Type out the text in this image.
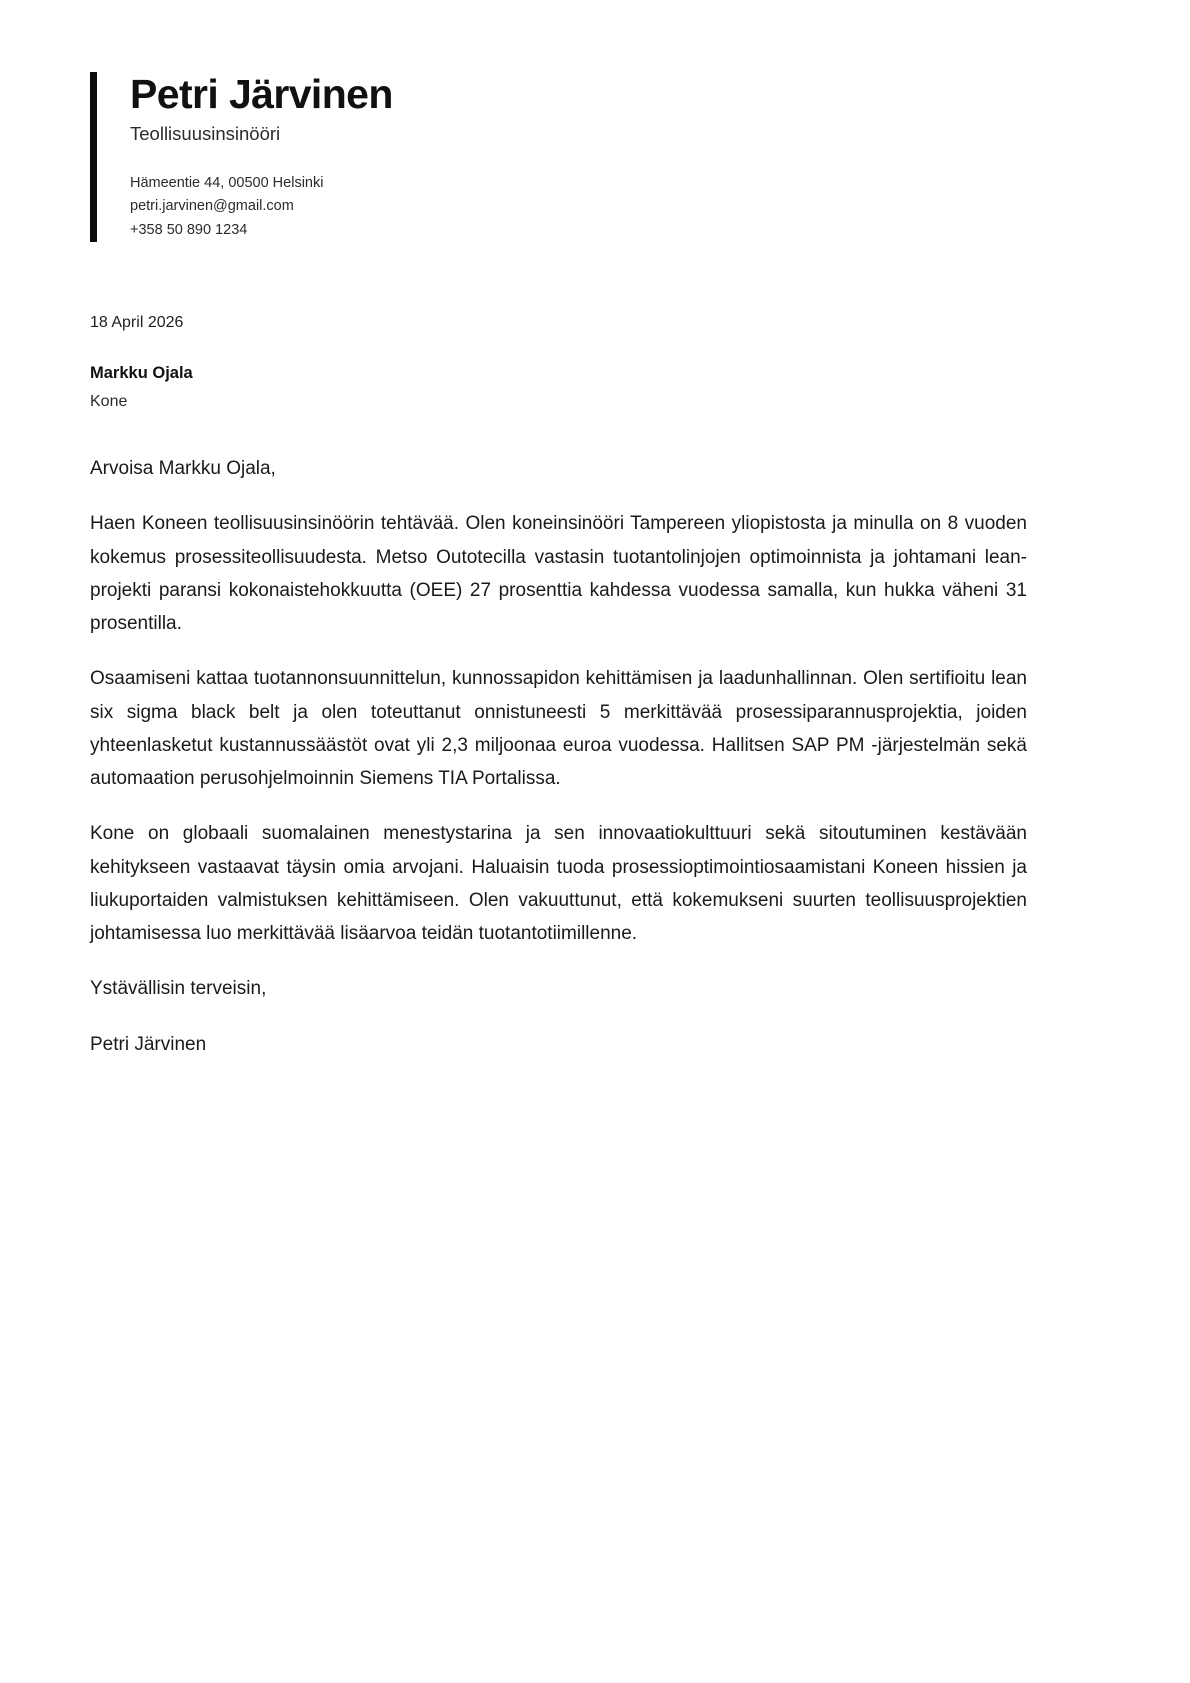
Petri Järvinen
Teollisuusinsinööri
Hämeentie 44, 00500 Helsinki
petri.jarvinen@gmail.com
+358 50 890 1234
18 April 2026
Markku Ojala
Kone

Arvoisa Markku Ojala,

Haen Koneen teollisuusinsinöörin tehtävää. Olen koneinsinööri Tampereen yliopistosta ja minulla on 8 vuoden kokemus prosessiteollisuudesta. Metso Outotecilla vastasin tuotantolinjojen optimoinnista ja johtamani lean-projekti paransi kokonaistehokkuutta (OEE) 27 prosenttia kahdessa vuodessa samalla, kun hukka väheni 31 prosentilla.

Osaamiseni kattaa tuotannonsuunnittelun, kunnossapidon kehittämisen ja laadunhallinnan. Olen sertifioitu lean six sigma black belt ja olen toteuttanut onnistuneesti 5 merkittävää prosessiparannusprojektia, joiden yhteenlasketut kustannussäästöt ovat yli 2,3 miljoonaa euroa vuodessa. Hallitsen SAP PM -järjestelmän sekä automaation perusohjelmoinnin Siemens TIA Portalissa.

Kone on globaali suomalainen menestystarina ja sen innovaatiokulttuuri sekä sitoutuminen kestävään kehitykseen vastaavat täysin omia arvojani. Haluaisin tuoda prosessioptimointiosaamistani Koneen hissien ja liukuportaiden valmistuksen kehittämiseen. Olen vakuuttunut, että kokemukseni suurten teollisuusprojektien johtamisessa luo merkittävää lisäarvoa teidän tuotantotiimillenne.

Ystävällisin terveisin,

Petri Järvinen
